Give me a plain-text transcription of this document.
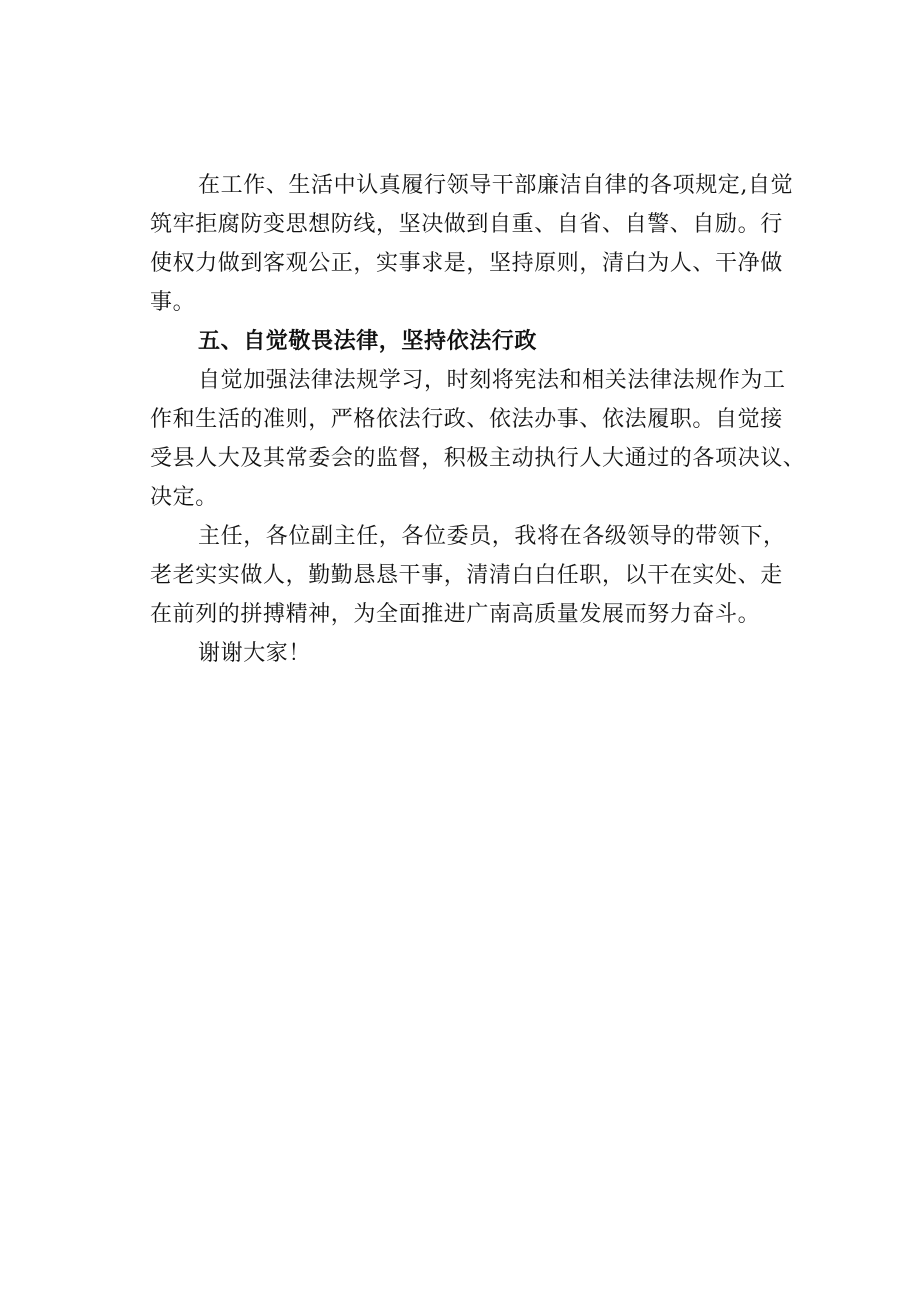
在工作、生活中认真履行领导干部廉洁自律的各项规定,自觉
筑牢拒腐防变思想防线，坚决做到自重、自省、自警、自励。行
使权力做到客观公正，实事求是，坚持原则，清白为人、干净做
事。

五、自觉敬畏法律，坚持依法行政

自觉加强法律法规学习，时刻将宪法和相关法律法规作为工
作和生活的准则，严格依法行政、依法办事、依法履职。自觉接
受县人大及其常委会的监督，积极主动执行人大通过的各项决议、
决定。

主任，各位副主任，各位委员，我将在各级领导的带领下，
老老实实做人，勤勤恳恳干事，清清白白任职，以干在实处、走
在前列的拼搏精神，为全面推进广南高质量发展而努力奋斗。

谢谢大家！
